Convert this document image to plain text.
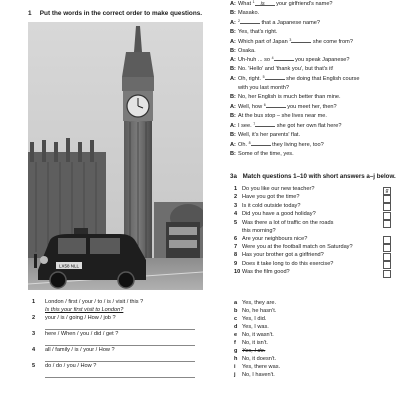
1 Put the words in the correct order to make questions.
LX58 NLL
1 London / first / your / to / is / visit / this ?
Is this your first visit to London?
2 your / is / going / How / job ?
3 here / When / you / did / get ?
4 all / family / is / your / How ?
5 do / do / you / How ?
A: What $^1$ is your girlfriend's name?
B: Masako.
A: $^2$	that a Japanese name?
B: Yes, that's right.
A: Which part of Japan $^3$	she come from?
B: Osaka.
A: Uh-huh ... so $^4$	you speak Japanese?
B: No. 'Hello' and 'thank you', but that's it!
A: Oh, right. $^5$	she doing that English course
with you last month?
B: No, her English is much better than mine.
A: Well, how $^6$	you meet her, then?
B: At the bus stop – she lives near me.
A: I see. $^7$	she got her own flat here?
B: Well, it's her parents' flat.
A: Oh. $^8$	they living here, too?
B: Some of the time, yes.
3a Match questions 1–10 with short answers a–j below.
1 Do you like our new teacher?	g
2 Have you got the time?
3 Is it cold outside today?
4 Did you have a good holiday?
5 Was there a lot of traffic on the roads
this morning?
6 Are your neighbours nice?
7 Were you at the football match on Saturday?
8 Has your brother got a girlfriend?
9 Does it take long to do this exercise?
10 Was the film good?
a Yes, they are.
b No, he hasn't.
c Yes, I did.
d Yes, I was.
e No, it wasn't.
f No, it isn't.
g Yes, I do.
h No, it doesn't.
i Yes, there was.
j No, I haven't.
